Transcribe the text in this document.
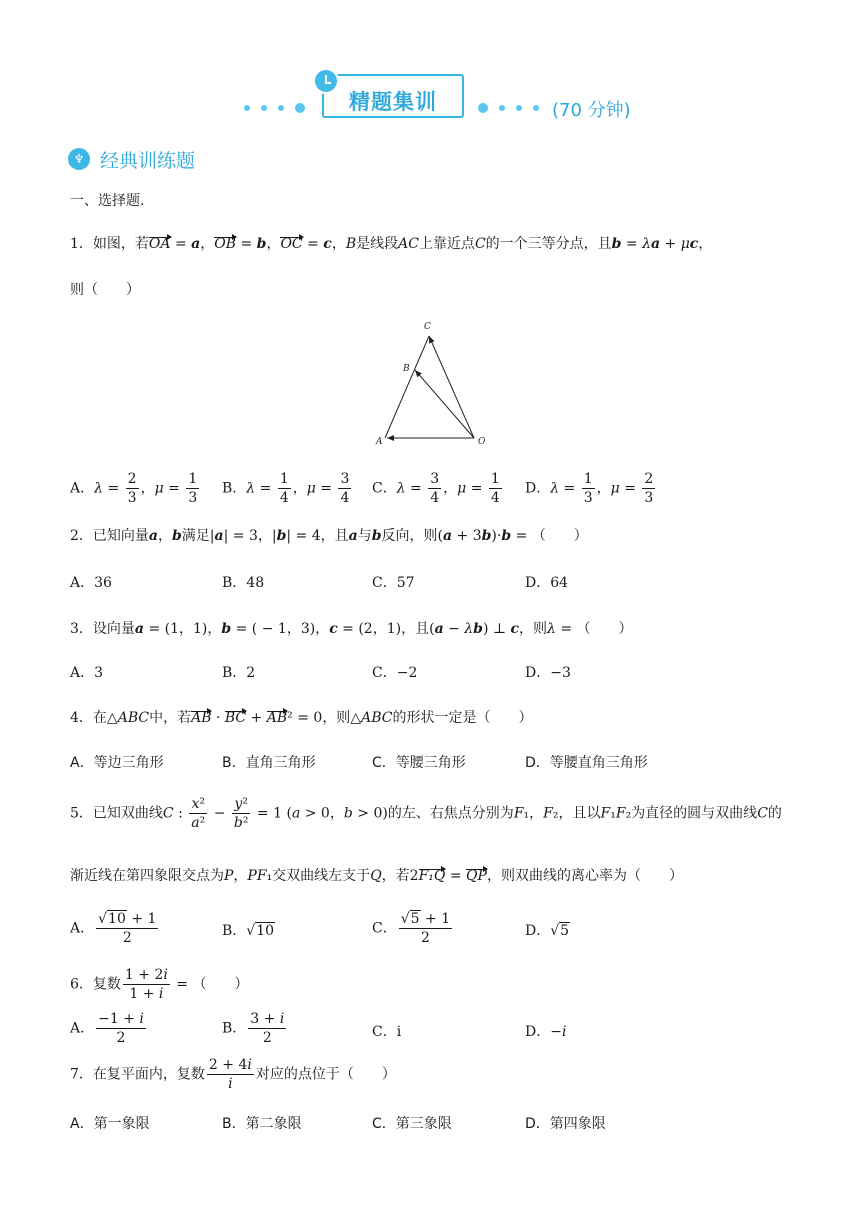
精题集训	(70 分钟)
♆ 经典训练题
一、选择题.
1．如图，若OA = a，OB = b，OC = c，B是线段AC上靠近点C的一个三等分点，且b = λa + μc，
则（　　）
C
B
A	O
A．$\lambda = \frac{2}{3}$ ，$\mu = \frac{1}{3}$ B．$\lambda = \frac{1}{4}$ ，$\mu = \frac{3}{4}$ C．$\lambda = \frac{3}{4}$ ，$\mu = \frac{1}{4}$ D．$\lambda = \frac{1}{3}$ ，$\mu = \frac{2}{3}$
2．已知向量a，b满足|a| = 3，|b| = 4，且a与b反向，则(a + 3b)·b = （　　）
A．36	B．48	C．57	D．64
3．设向量a = (1，1)，b = ( − 1，3)，c = (2，1)，且(a − λb) ⊥ c，则λ = （　　）
A．3	B．2	C．−2	D．−3
4．在△ABC中，若AB · BC + AB² = 0，则△ABC的形状一定是（　　）
A．等边三角形	B．直角三角形	C．等腰三角形	D．等腰直角三角形
5．已知双曲线C : $\frac{\text{x²}}{\text{a²}} - \frac{\text{y²}}{\text{b²}} = 1$ (a > 0，b > 0)的左、右焦点分别为F₁，F₂，且以F₁F₂为直径的圆与双曲线C的
渐近线在第四象限交点为P，PF₁交双曲线左支于Q，若2F₁Q = QP，则双曲线的离心率为（　　）
A． $\frac{√10 + 1}{2}$	B．√10	C． $\frac{√5 + 1}{2}$	D．√5
6．复数 $\frac{1 + 2i}{1 + i}$ = （　　）
A． $\frac{-1 + i}{2}$	B． $\frac{3 + i}{2}$	C．i	D．−i
7．在复平面内，复数 $\frac{2 + 4i}{i}$ 对应的点位于（　　）
A．第一象限	B．第二象限	C．第三象限	D．第四象限
